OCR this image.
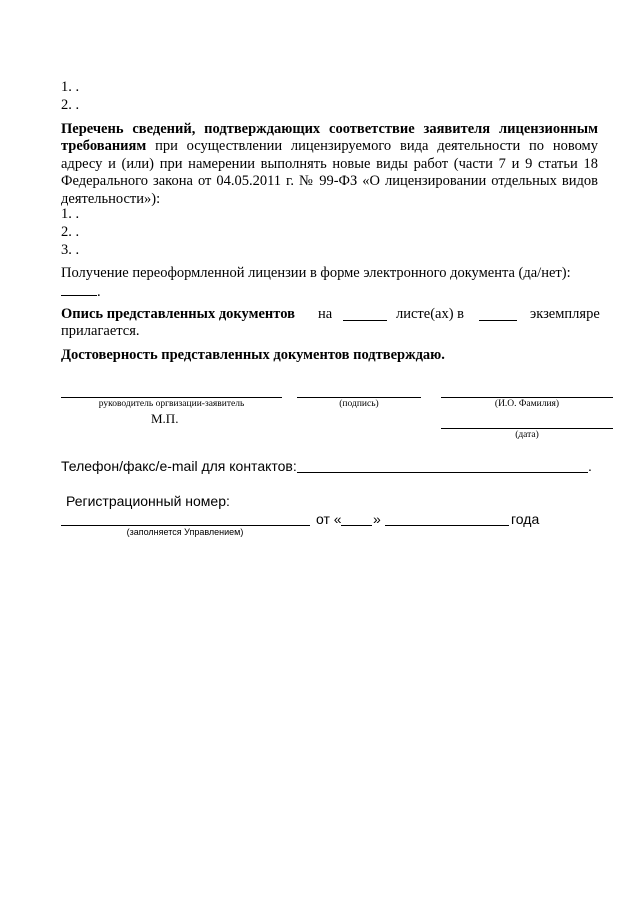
1. .
2. .
Перечень сведений, подтверждающих соответствие заявителя лицензионным требованиям при осуществлении лицензируемого вида деятельности по новому адресу и (или) при намерении выполнять новые виды работ (части 7 и 9 статьи 18 Федерального закона от 04.05.2011 г. № 99-ФЗ «О лицензировании отдельных видов деятельности»):
1. .
2. .
3. .
Получение переоформленной лицензии в форме электронного документа (да/нет):
.
Опись представленных документов	на	листе(ах) в	экземпляре
прилагается.
Достоверность представленных документов подтверждаю.
руководитель оргвизации-заявитель
М.П.
(подпись)	(И.О. Фамилия)
(дата)
Телефон/факс/e-mail для контактов:	.
Регистрационный номер:
от « »	года
(заполняется Управлением)
